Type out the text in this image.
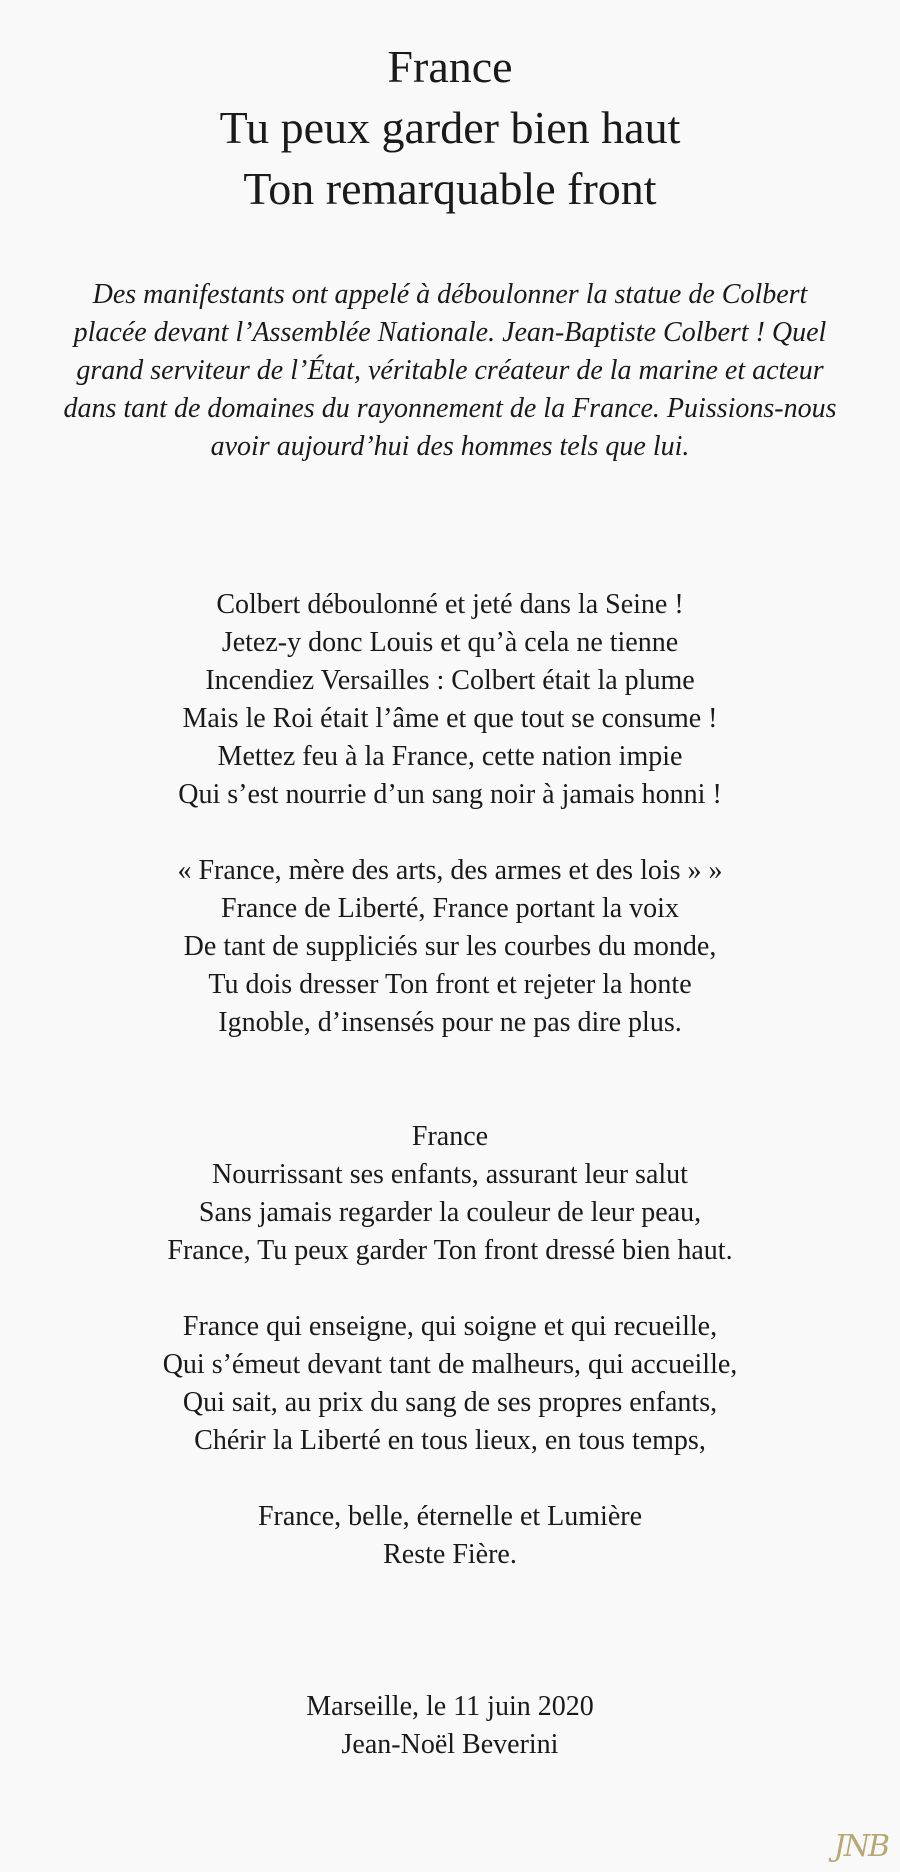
France
Tu peux garder bien haut
Ton remarquable front

Des manifestants ont appelé à déboulonner la statue de Colbert placée devant l’Assemblée Nationale. Jean-Baptiste Colbert ! Quel grand serviteur de l’État, véritable créateur de la marine et acteur dans tant de domaines du rayonnement de la France. Puissions-nous avoir aujourd’hui des hommes tels que lui.

Colbert déboulonné et jeté dans la Seine !
Jetez-y donc Louis et qu’à cela ne tienne
Incendiez Versailles : Colbert était la plume
Mais le Roi était l’âme et que tout se consume !
Mettez feu à la France, cette nation impie
Qui s’est nourrie d’un sang noir à jamais honni !
« France, mère des arts, des armes et des lois » »
France de Liberté, France portant la voix
De tant de suppliciés sur les courbes du monde,
Tu dois dresser Ton front et rejeter la honte
Ignoble, d’insensés pour ne pas dire plus.
France
Nourrissant ses enfants, assurant leur salut
Sans jamais regarder la couleur de leur peau,
France, Tu peux garder Ton front dressé bien haut.
France qui enseigne, qui soigne et qui recueille,
Qui s’émeut devant tant de malheurs, qui accueille,
Qui sait, au prix du sang de ses propres enfants,
Chérir la Liberté en tous lieux, en tous temps,
France, belle, éternelle et Lumière
Reste Fière.
Marseille, le 11 juin 2020
Jean-Noël Beverini
JNB
